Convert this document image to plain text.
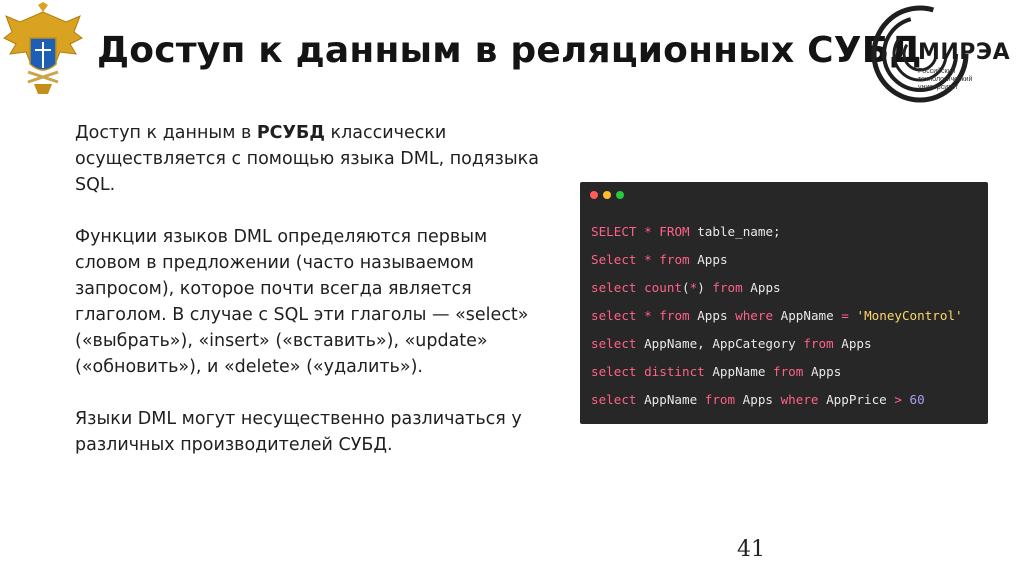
Доступ к данным в реляционных СУБД
МИРЭА
Российский технологический университет

Доступ к данным в РСУБД классически осуществляется с помощью языка DML, подязыка SQL.

Функции языков DML определяются первым словом в предложении (часто называемом запросом), которое почти всегда является глаголом. В случае с SQL эти глаголы — «select» («выбрать»), «insert» («вставить»), «update» («обновить»), и «delete» («удалить»).

Языки DML могут несущественно различаться у различных производителей СУБД.

SELECT * FROM table_name;
Select * from Apps
select count(*) from Apps
select * from Apps where AppName = 'MoneyControl'
select AppName, AppCategory from Apps
select distinct AppName from Apps
select AppName from Apps where AppPrice > 60
41
